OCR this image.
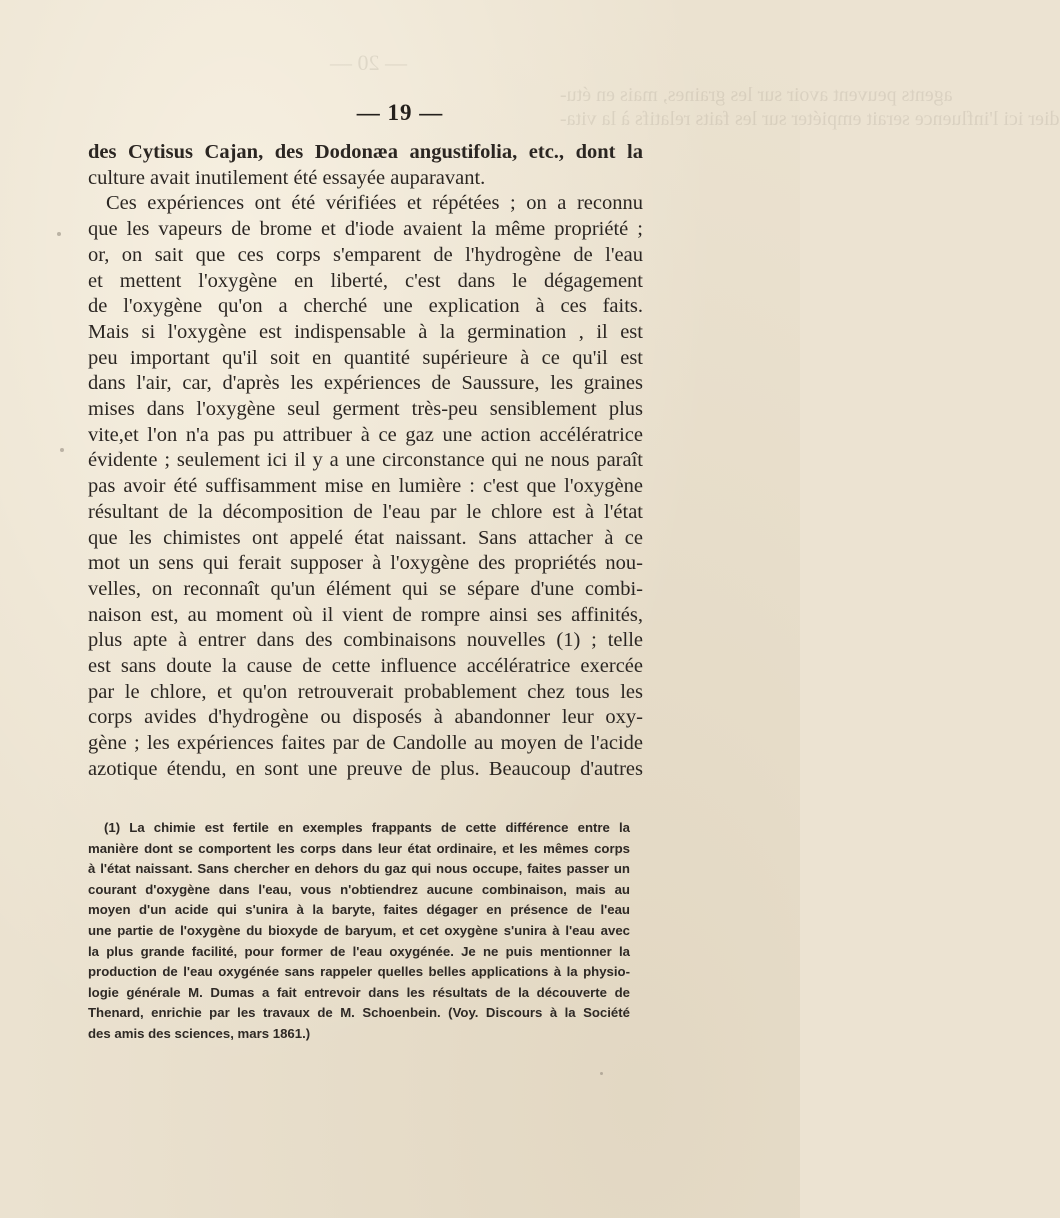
— 20 —
agents peuvent avoir sur les graines, mais en étu-
dier ici l'influence serait empiéter sur les faits relatifs à la vita-
— 19 —
des Cytisus Cajan, des Dodonæa angustifolia, etc., dont la
culture avait inutilement été essayée auparavant.
Ces expériences ont été vérifiées et répétées ; on a reconnu
que les vapeurs de brome et d'iode avaient la même propriété ;
or, on sait que ces corps s'emparent de l'hydrogène de l'eau
et mettent l'oxygène en liberté, c'est dans le dégagement
de l'oxygène qu'on a cherché une explication à ces faits.
Mais si l'oxygène est indispensable à la germination , il est
peu important qu'il soit en quantité supérieure à ce qu'il est
dans l'air, car, d'après les expériences de Saussure, les graines
mises dans l'oxygène seul germent très-peu sensiblement plus
vite,et l'on n'a pas pu attribuer à ce gaz une action accélératrice
évidente ; seulement ici il y a une circonstance qui ne nous paraît
pas avoir été suffisamment mise en lumière : c'est que l'oxygène
résultant de la décomposition de l'eau par le chlore est à l'état
que les chimistes ont appelé état naissant. Sans attacher à ce
mot un sens qui ferait supposer à l'oxygène des propriétés nou-
velles, on reconnaît qu'un élément qui se sépare d'une combi-
naison est, au moment où il vient de rompre ainsi ses affinités,
plus apte à entrer dans des combinaisons nouvelles (1) ; telle
est sans doute la cause de cette influence accélératrice exercée
par le chlore, et qu'on retrouverait probablement chez tous les
corps avides d'hydrogène ou disposés à abandonner leur oxy-
gène ; les expériences faites par de Candolle au moyen de l'acide
azotique étendu, en sont une preuve de plus. Beaucoup d'autres
(1) La chimie est fertile en exemples frappants de cette différence entre la
manière dont se comportent les corps dans leur état ordinaire, et les mêmes corps
à l'état naissant. Sans chercher en dehors du gaz qui nous occupe, faites passer un
courant d'oxygène dans l'eau, vous n'obtiendrez aucune combinaison, mais au
moyen d'un acide qui s'unira à la baryte, faites dégager en présence de l'eau
une partie de l'oxygène du bioxyde de baryum, et cet oxygène s'unira à l'eau avec
la plus grande facilité, pour former de l'eau oxygénée. Je ne puis mentionner la
production de l'eau oxygénée sans rappeler quelles belles applications à la physio-
logie générale M. Dumas a fait entrevoir dans les résultats de la découverte de
Thenard, enrichie par les travaux de M. Schoenbein. (Voy. Discours à la Société
des amis des sciences, mars 1861.)
